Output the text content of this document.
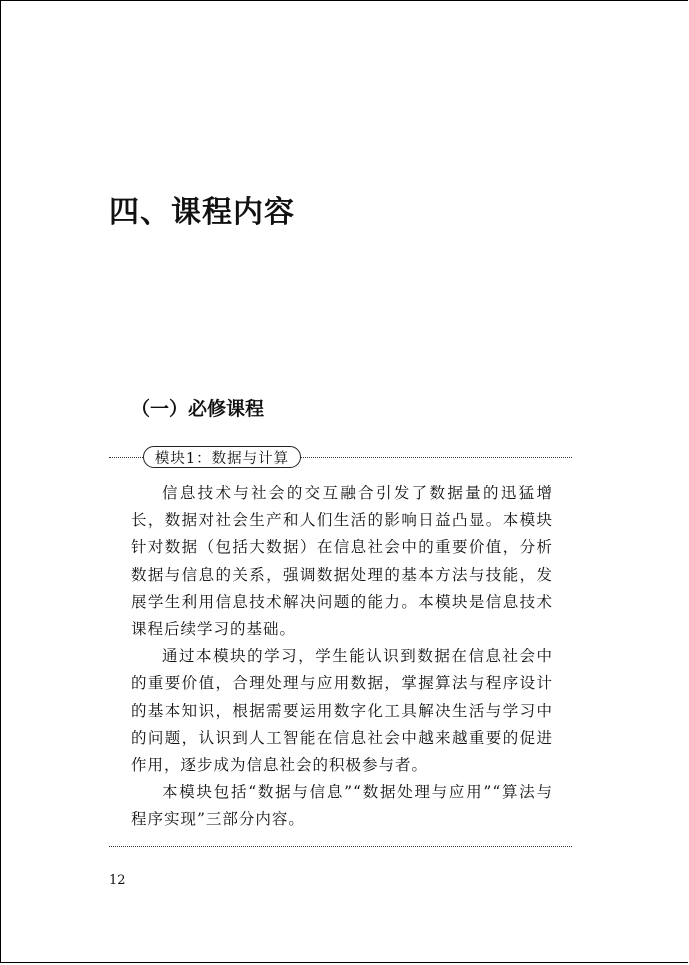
四、课程内容
（一）必修课程
模块1：数据与计算

信息技术与社会的交互融合引发了数据量的迅猛增长，数据对社会生产和人们生活的影响日益凸显。本模块针对数据（包括大数据）在信息社会中的重要价值，分析数据与信息的关系，强调数据处理的基本方法与技能，发展学生利用信息技术解决问题的能力。本模块是信息技术课程后续学习的基础。

通过本模块的学习，学生能认识到数据在信息社会中的重要价值，合理处理与应用数据，掌握算法与程序设计的基本知识，根据需要运用数字化工具解决生活与学习中的问题，认识到人工智能在信息社会中越来越重要的促进作用，逐步成为信息社会的积极参与者。

本模块包括“数据与信息”“数据处理与应用”“算法与程序实现”三部分内容。

12
